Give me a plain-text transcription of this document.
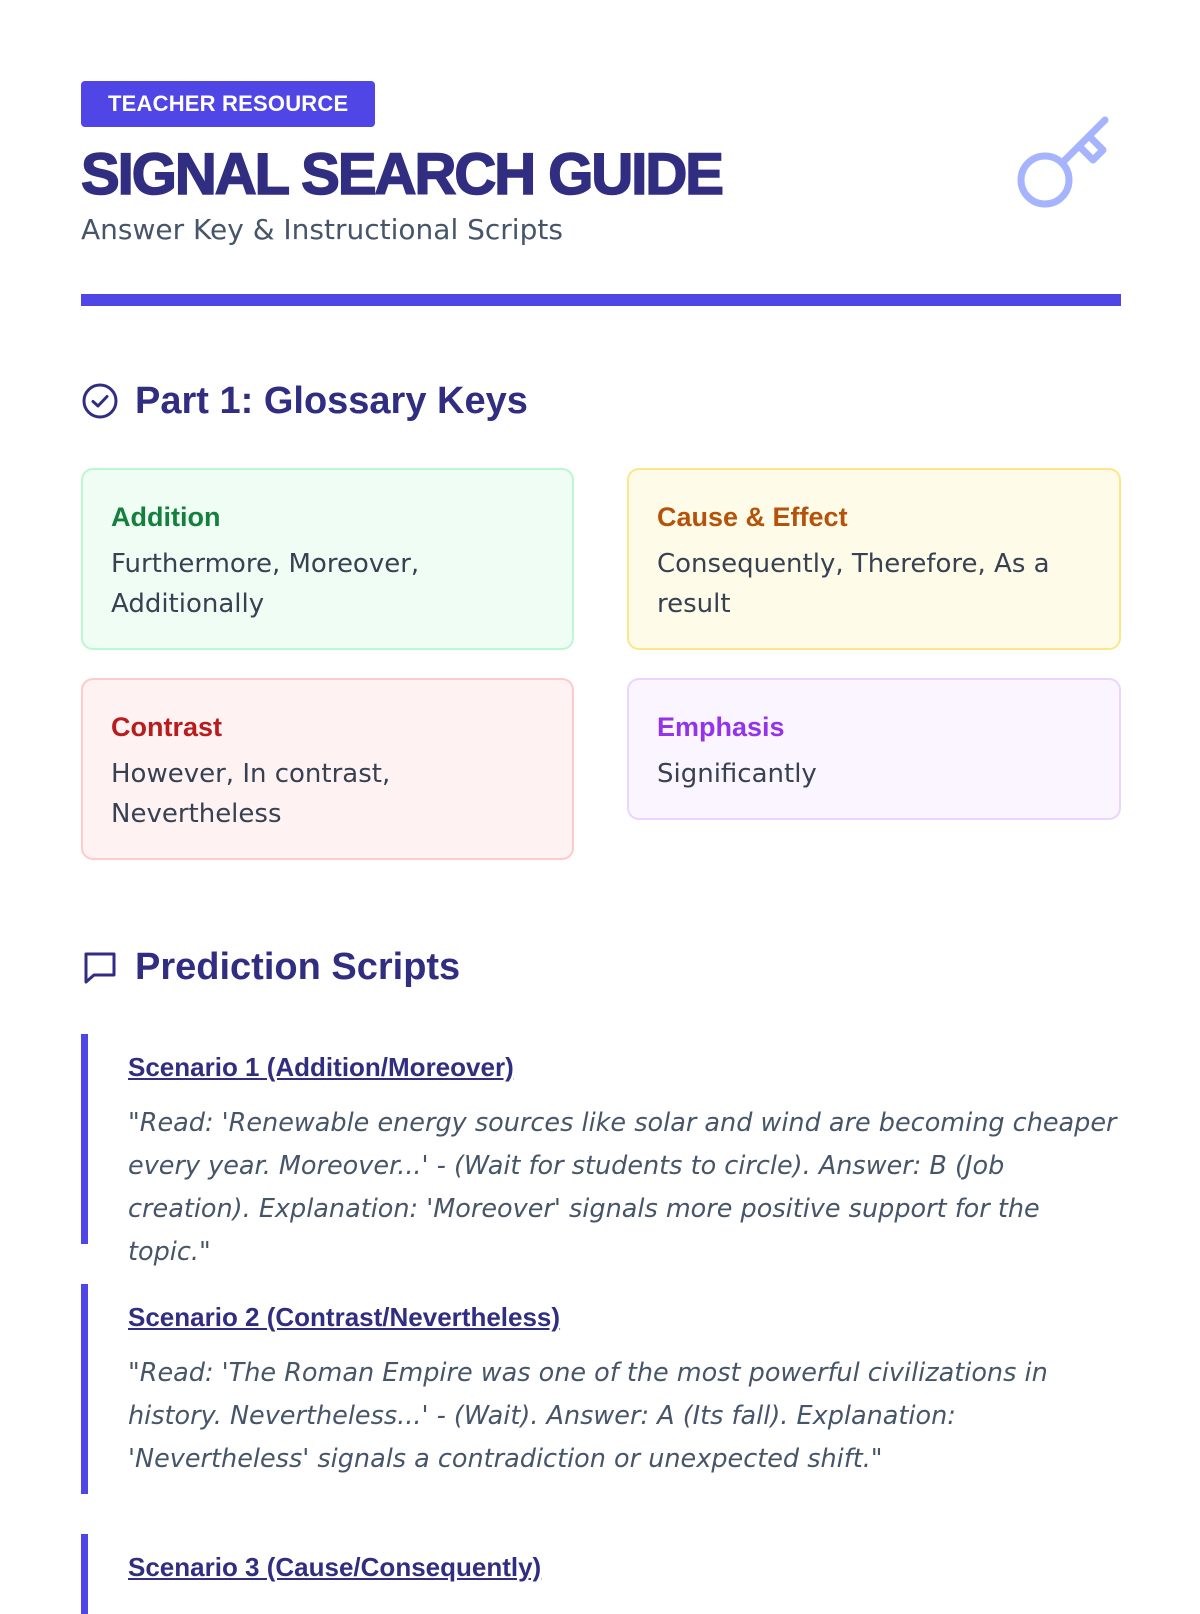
TEACHER RESOURCE
SIGNAL SEARCH GUIDE
Answer Key & Instructional Scripts
Part 1: Glossary Keys
Addition
Furthermore, Moreover, Additionally
Cause & Effect
Consequently, Therefore, As a result
Contrast
However, In contrast, Nevertheless
Emphasis
Significantly
Prediction Scripts
Scenario 1 (Addition/Moreover)
"Read: 'Renewable energy sources like solar and wind are becoming cheaper every year. Moreover...' - (Wait for students to circle). Answer: B (Job creation). Explanation: 'Moreover' signals more positive support for the topic."
Scenario 2 (Contrast/Nevertheless)
"Read: 'The Roman Empire was one of the most powerful civilizations in history. Nevertheless...' - (Wait). Answer: A (Its fall). Explanation: 'Nevertheless' signals a contradiction or unexpected shift."
Scenario 3 (Cause/Consequently)
